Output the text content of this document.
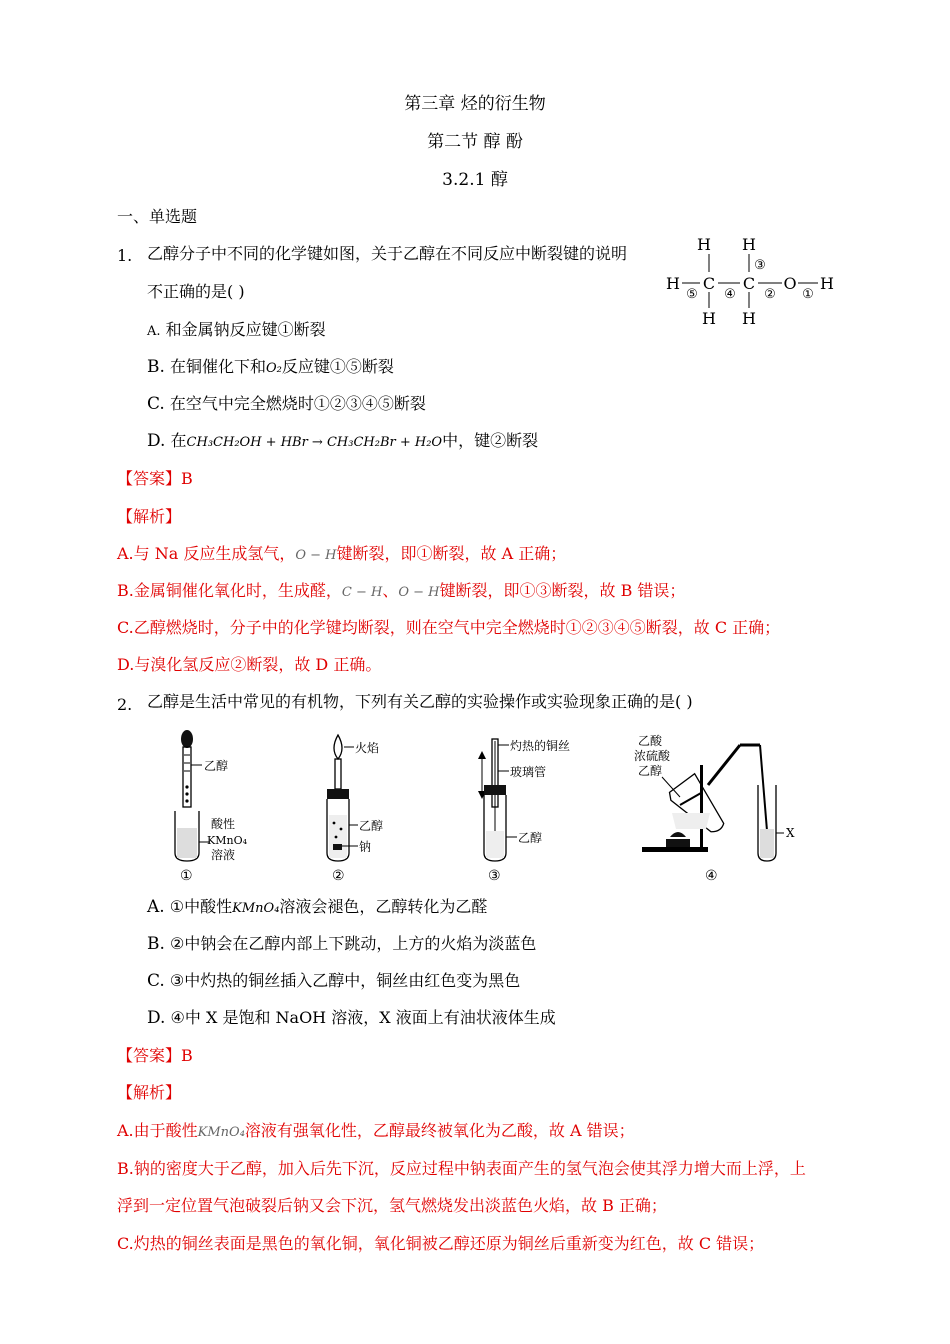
第三章 烃的衍生物
第二节 醇 酚
3.2.1 醇
一、单选题
1. 乙醇分子中不同的化学键如图，关于乙醇在不同反应中断裂键的说明
不正确的是( )
A. 和金属钠反应键①断裂
B. 在铜催化下和O₂反应键①⑤断裂
C. 在空气中完全燃烧时①②③④⑤断裂
D. 在CH₃CH₂OH + HBr → CH₃CH₂Br + H₂O中，键②断裂
H H
H C C O H
H H
⑤ ④
③
② ①
【答案】B
【解析】
A.与 Na 反应生成氢气，O − H键断裂，即①断裂，故 A 正确；
B.金属铜催化氧化时，生成醛，C − H、O − H键断裂，即①③断裂，故 B 错误；
C.乙醇燃烧时，分子中的化学键均断裂，则在空气中完全燃烧时①②③④⑤断裂，故 C 正确；
D.与溴化氢反应②断裂，故 D 正确。
2. 乙醇是生活中常见的有机物，下列有关乙醇的实验操作或实验现象正确的是( )
乙醇
酸性
KMnO₄
溶液
①
火焰
乙醇
钠
②
灼热的铜丝
玻璃管
乙醇
③
X
乙酸
浓硫酸
乙醇
④
A. ①中酸性KMnO₄溶液会褪色，乙醇转化为乙醛
B. ②中钠会在乙醇内部上下跳动，上方的火焰为淡蓝色
C. ③中灼热的铜丝插入乙醇中，铜丝由红色变为黑色
D. ④中 X 是饱和 NaOH 溶液，X 液面上有油状液体生成
【答案】B
【解析】
A.由于酸性KMnO₄溶液有强氧化性，乙醇最终被氧化为乙酸，故 A 错误；
B.钠的密度大于乙醇，加入后先下沉，反应过程中钠表面产生的氢气泡会使其浮力增大而上浮，上
浮到一定位置气泡破裂后钠又会下沉，氢气燃烧发出淡蓝色火焰，故 B 正确；
C.灼热的铜丝表面是黑色的氧化铜，氧化铜被乙醇还原为铜丝后重新变为红色，故 C 错误；
